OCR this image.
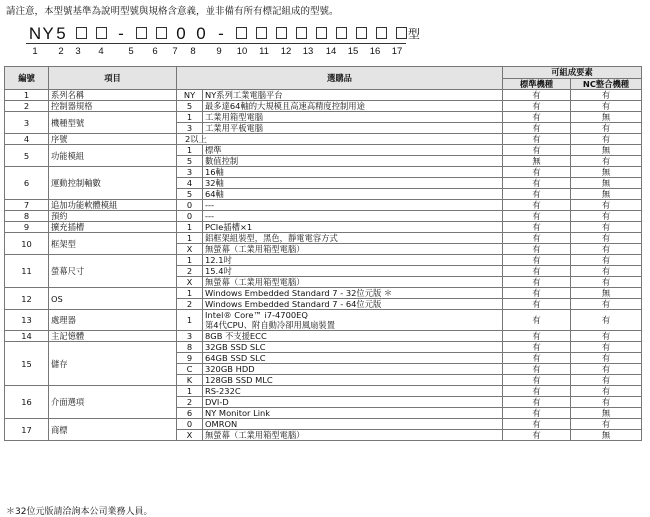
請注意，本型號基準為說明型號與規格含意義，並非備有所有標記組成的型號。
N Y 5	-	0 0 -	型
1	2	3	4	5	6	7	8	9	10	11	12	13	14	15	16	17
編號	項目	選購品		可組成要素	
				標準機種	NC整合機種
1	系列名稱	NY	NY系列工業電腦平台	有	有
2	控制器規格	5	最多達64軸的大規模且高速高精度控制用途	有	有
3	機種型號	1	工業用箱型電腦	有	無
		3	工業用平板電腦	有	有
4	序號	2以上		有	有
5	功能模組	1	標準	有	無
		5	數值控制	無	有
6	運動控制軸數	3	16軸	有	無
		4	32軸	有	無
		5	64軸	有	無
7	追加功能軟體模組	0	---	有	有
8	預約	0	---	有	有
9	擴充插槽	1	PCIe插槽×1	有	有
10	框架型	1	鋁框架組裝型，黑色，靜電電容方式	有	有
		X	無螢幕（工業用箱型電腦）	有	有
11	螢幕尺寸	1	12.1吋	有	有
		2	15.4吋	有	有
		X	無螢幕（工業用箱型電腦）	有	有
12	OS	1	Windows Embedded Standard 7 - 32位元版 ＊	有	無
		2	Windows Embedded Standard 7 - 64位元版	有	有
13	處理器	1	Intel® Core™ i7-4700EQ
第4代CPU、附自動冷卻用風扇裝置	有	有
14	主記憶體	3	8GB 不支援ECC	有	有
15	儲存	8	32GB SSD SLC	有	有
		9	64GB SSD SLC	有	有
		C	320GB HDD	有	有
		K	128GB SSD MLC	有	有
16	介面選項	1	RS-232C	有	有
		2	DVI-D	有	有
		6	NY Monitor Link	有	無
17	商標	0	OMRON	有	有
		X	無螢幕（工業用箱型電腦）	有	無
＊32位元版請洽詢本公司業務人員。
